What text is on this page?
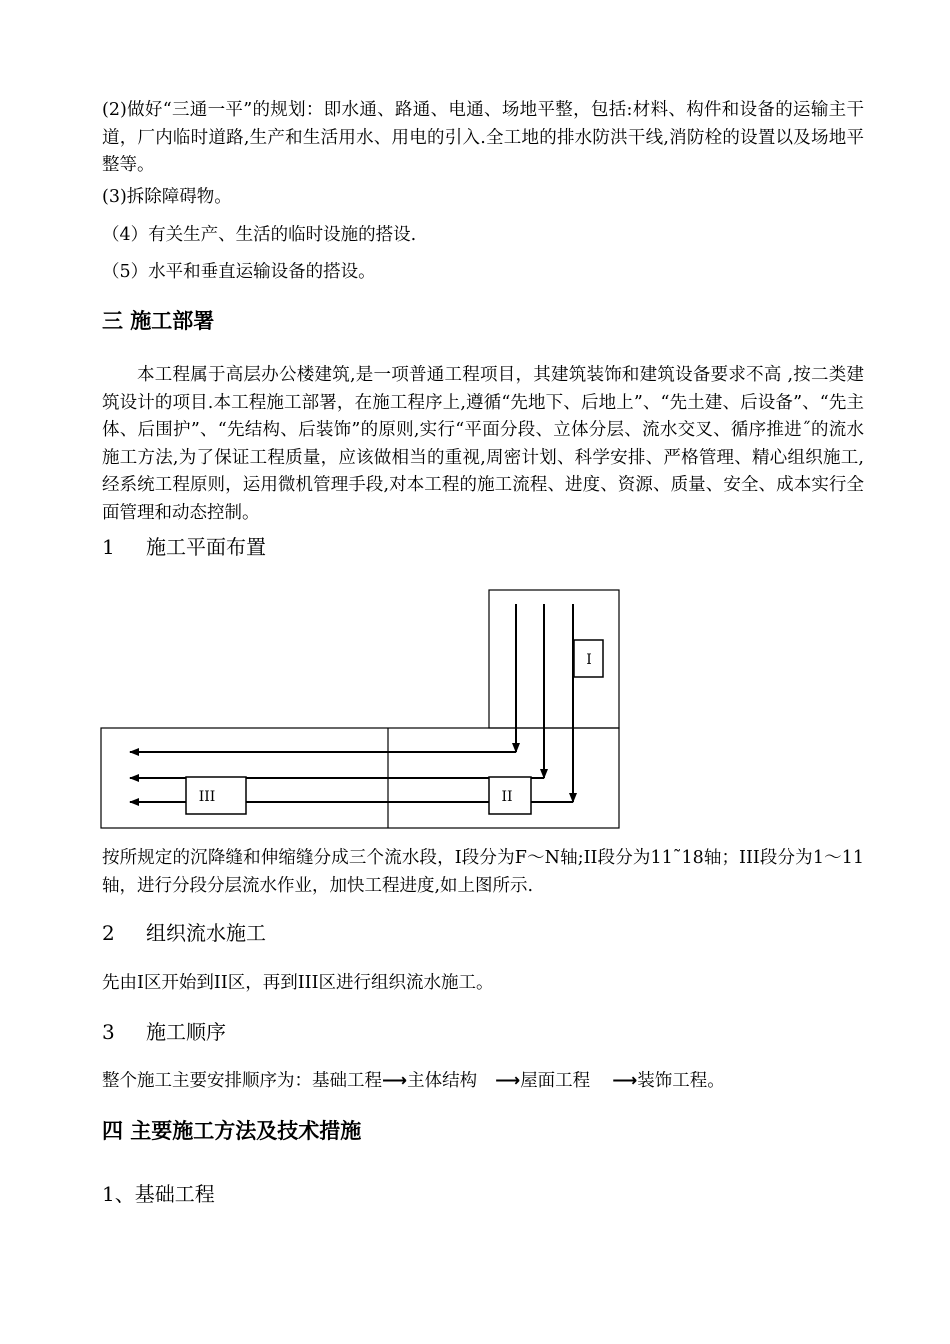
(2)做好“三通一平”的规划：即水通、路通、电通、场地平整，包括:材料、构件和设备的运输主干道，厂内临时道路,生产和生活用水、用电的引入.全工地的排水防洪干线,消防栓的设置以及场地平整等。
(3)拆除障碍物。
（4）有关生产、生活的临时设施的搭设.
（5）水平和垂直运输设备的搭设。
三 施工部署
本工程属于高层办公楼建筑,是一项普通工程项目，其建筑装饰和建筑设备要求不高 ,按二类建筑设计的项目.本工程施工部署，在施工程序上,遵循“先地下、后地上”、“先土建、后设备”、“先主体、后围护”、“先结构、后装饰”的原则,实行“平面分段、立体分层、流水交叉、循序推进˝的流水施工方法,为了保证工程质量，应该做相当的重视,周密计划、科学安排、严格管理、精心组织施工,经系统工程原则，运用微机管理手段,对本工程的施工流程、进度、资源、质量、安全、成本实行全面管理和动态控制。
1 施工平面布置
I
II
III
按所规定的沉降缝和伸缩缝分成三个流水段，I段分为F～N轴;II段分为11˜18轴；III段分为1～11轴，进行分段分层流水作业，加快工程进度,如上图所示.
2 组织流水施工
先由I区开始到II区，再到III区进行组织流水施工。
3 施工顺序
整个施工主要安排顺序为：基础工程⟶主体结构 ⟶屋面工程 ⟶装饰工程。
四 主要施工方法及技术措施
1、基础工程
